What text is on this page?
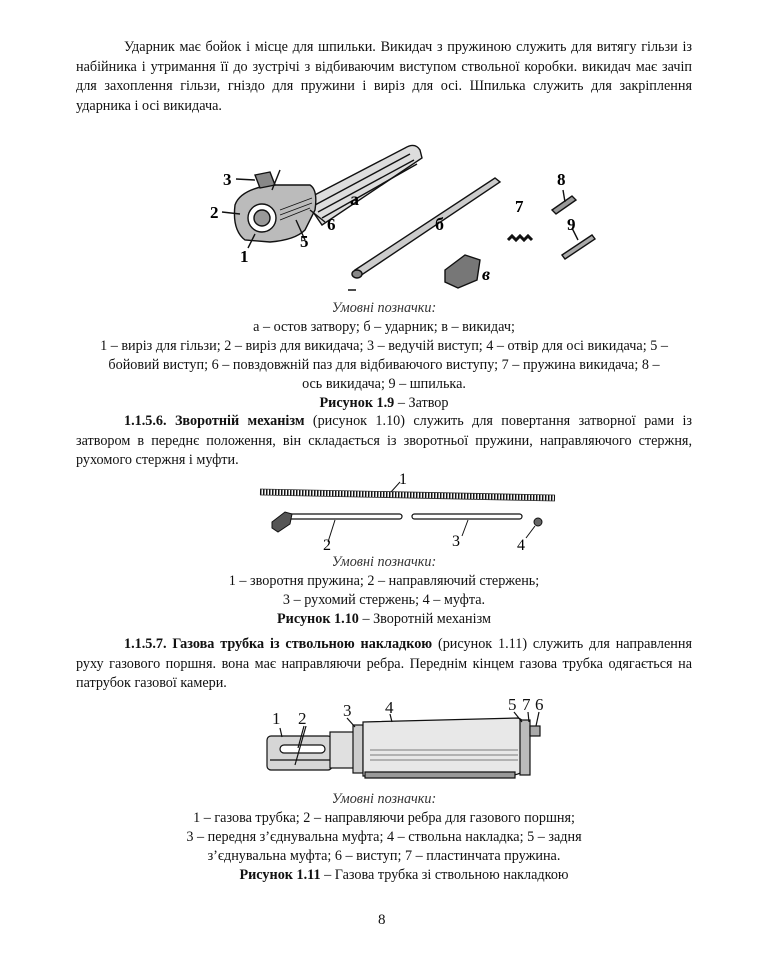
Ударник має бойок і місце для шпильки. Викидач з пружиною служить для витягу гільзи із набійника і утримання її до зустрічі з відбиваючим виступом ствольної коробки. викидач має зачіп для захоплення гільзи, гніздо для пружини і виріз для осі. Шпилька служить для закріплення ударника і осі викидача.

3
2
1
5
6
а
б
7
8
9
в
Умовні позначки:
а – остов затвору; б – ударник; в – викидач;
1 – виріз для гільзи; 2 – виріз для викидача; 3 – ведучій виступ; 4 – отвір для осі викидача; 5 –
бойовий виступ; 6 – повздовжній паз для відбиваючого виступу; 7 – пружина викидача; 8 –
ось викидача; 9 – шпилька.
Рисунок 1.9 – Затвор

1.1.5.6. Зворотній механізм (рисунок 1.10) служить для повертання затворної рами із затвором в переднє положення, він складається із зворотньої пружини, направляючого стержня, рухомого стержня і муфти.

1
2	3	4
Умовні позначки:
1 – зворотня пружина; 2 – направляючий стержень;
3 – рухомий стержень; 4 – муфта.
Рисунок 1.10 – Зворотній механізм

1.1.5.7. Газова трубка із ствольною накладкою (рисунок 1.11) служить для направлення руху газового поршня. вона має направляючи ребра. Переднім кінцем газова трубка одягається на патрубок газової камери.

1 2 3 4	5 7 6
Умовні позначки:
1 – газова трубка; 2 – направляючи ребра для газового поршня;
3 – передня з’єднувальна муфта; 4 – ствольна накладка; 5 – задня
з’єднувальна муфта; 6 – виступ; 7 – пластинчата пружина.
Рисунок 1.11 – Газова трубка зі ствольною накладкою
8
